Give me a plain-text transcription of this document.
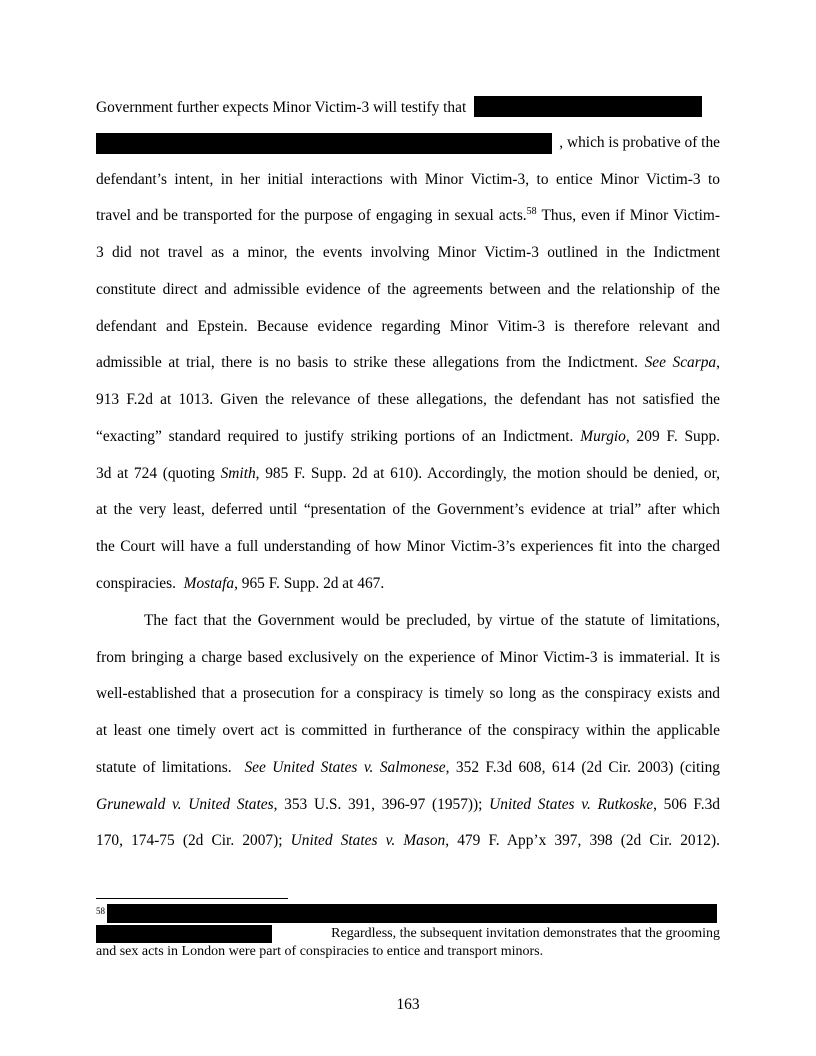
Government further expects Minor Victim-3 will testify that
, which is probative of the
defendant’s intent, in her initial interactions with Minor Victim-3, to entice Minor Victim-3 to
travel and be transported for the purpose of engaging in sexual acts.$^{58}$ Thus, even if Minor Victim-
3 did not travel as a minor, the events involving Minor Victim-3 outlined in the Indictment
constitute direct and admissible evidence of the agreements between and the relationship of the
defendant and Epstein. Because evidence regarding Minor Vitim-3 is therefore relevant and
admissible at trial, there is no basis to strike these allegations from the Indictment. See Scarpa,
913 F.2d at 1013. Given the relevance of these allegations, the defendant has not satisfied the
“exacting” standard required to justify striking portions of an Indictment. Murgio, 209 F. Supp.
3d at 724 (quoting Smith, 985 F. Supp. 2d at 610). Accordingly, the motion should be denied, or,
at the very least, deferred until “presentation of the Government’s evidence at trial” after which
the Court will have a full understanding of how Minor Victim-3’s experiences fit into the charged
conspiracies. Mostafa, 965 F. Supp. 2d at 467.
The fact that the Government would be precluded, by virtue of the statute of limitations,
from bringing a charge based exclusively on the experience of Minor Victim-3 is immaterial. It is
well-established that a prosecution for a conspiracy is timely so long as the conspiracy exists and
at least one timely overt act is committed in furtherance of the conspiracy within the applicable
statute of limitations. See United States v. Salmonese, 352 F.3d 608, 614 (2d Cir. 2003) (citing
Grunewald v. United States, 353 U.S. 391, 396-97 (1957)); United States v. Rutkoske, 506 F.3d
170, 174-75 (2d Cir. 2007); United States v. Mason, 479 F. App’x 397, 398 (2d Cir. 2012).
$^{58}$
Regardless, the subsequent invitation demonstrates that the grooming
and sex acts in London were part of conspiracies to entice and transport minors.
163
